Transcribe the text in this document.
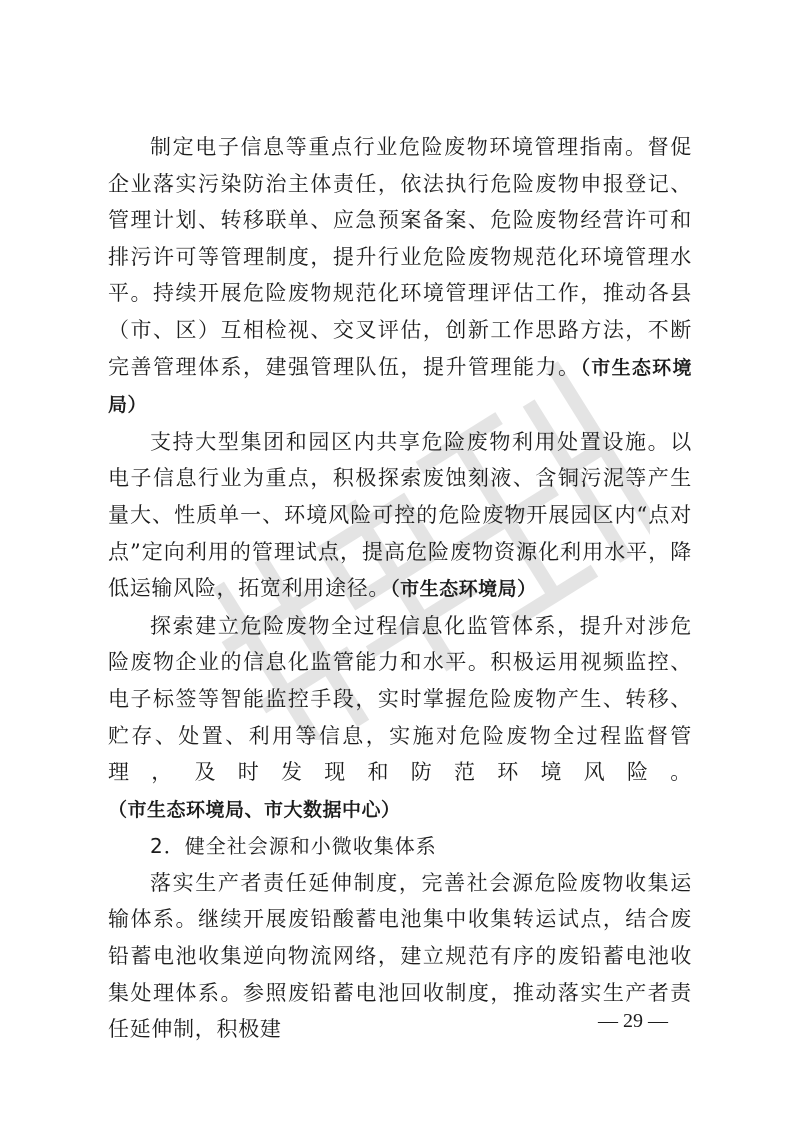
制定电子信息等重点行业危险废物环境管理指南。督促企业落实污染防治主体责任，依法执行危险废物申报登记、管理计划、转移联单、应急预案备案、危险废物经营许可和排污许可等管理制度，提升行业危险废物规范化环境管理水平。持续开展危险废物规范化环境管理评估工作，推动各县（市、区）互相检视、交叉评估，创新工作思路方法，不断完善管理体系，建强管理队伍，提升管理能力。（市生态环境局）

支持大型集团和园区内共享危险废物利用处置设施。以电子信息行业为重点，积极探索废蚀刻液、含铜污泥等产生量大、性质单一、环境风险可控的危险废物开展园区内“点对点”定向利用的管理试点，提高危险废物资源化利用水平，降低运输风险，拓宽利用途径。（市生态环境局）

探索建立危险废物全过程信息化监管体系，提升对涉危险废物企业的信息化监管能力和水平。积极运用视频监控、电子标签等智能监控手段，实时掌握危险废物产生、转移、贮存、处置、利用等信息，实施对危险废物全过程监督管理，及时发现和防范环境风险。（市生态环境局、市大数据中心）

2．健全社会源和小微收集体系

落实生产者责任延伸制度，完善社会源危险废物收集运输体系。继续开展废铅酸蓄电池集中收集转运试点，结合废铅蓄电池收集逆向物流网络，建立规范有序的废铅蓄电池收集处理体系。参照废铅蓄电池回收制度，推动落实生产者责任延伸制，积极建	— 29 —
